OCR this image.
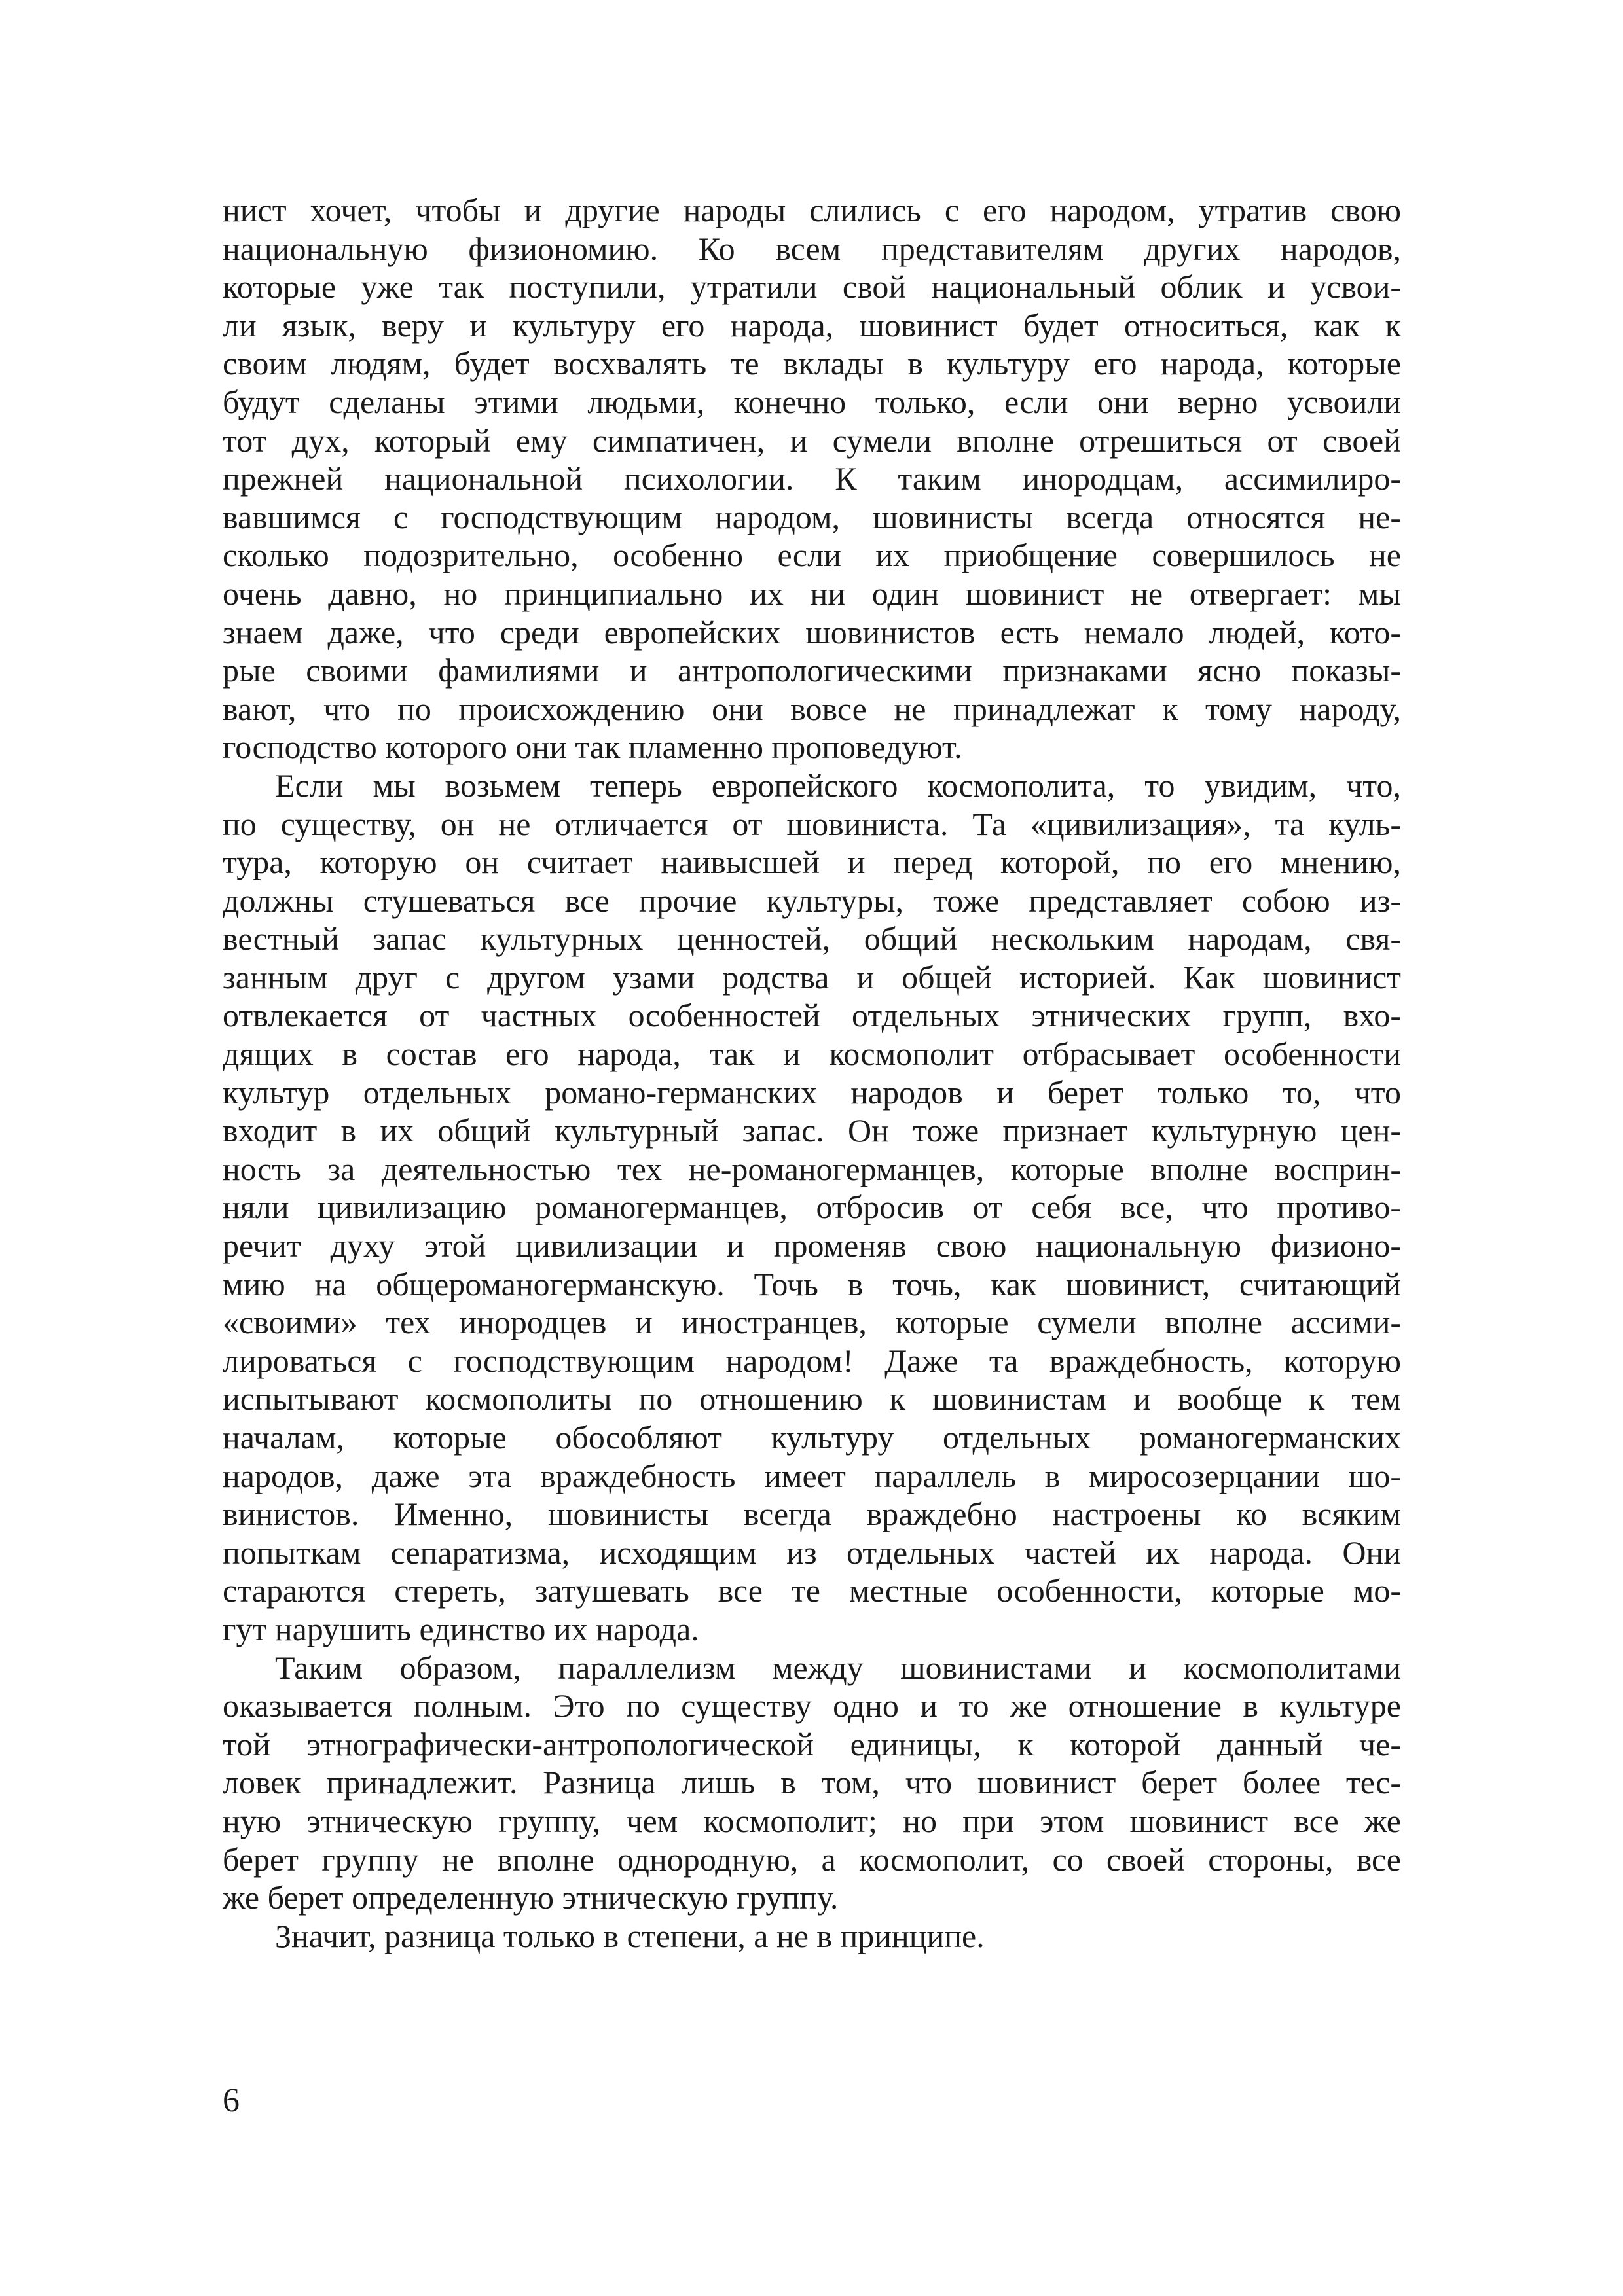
нист хочет, чтобы и другие народы слились с его народом, утратив свою
национальную физиономию. Ко всем представителям других народов,
которые уже так поступили, утратили свой национальный облик и усвои-
ли язык, веру и культуру его народа, шовинист будет относиться, как к
своим людям, будет восхвалять те вклады в культуру его народа, которые
будут сделаны этими людьми, конечно только, если они верно усвоили
тот дух, который ему симпатичен, и сумели вполне отрешиться от своей
прежней национальной психологии. К таким инородцам, ассимилиро-
вавшимся с господствующим народом, шовинисты всегда относятся не-
сколько подозрительно, особенно если их приобщение совершилось не
очень давно, но принципиально их ни один шовинист не отвергает: мы
знаем даже, что среди европейских шовинистов есть немало людей, кото-
рые своими фамилиями и антропологическими признаками ясно показы-
вают, что по происхождению они вовсе не принадлежат к тому народу,
господство которого они так пламенно проповедуют.
Если мы возьмем теперь европейского космополита, то увидим, что,
по существу, он не отличается от шовиниста. Та «цивилизация», та куль-
тура, которую он считает наивысшей и перед которой, по его мнению,
должны стушеваться все прочие культуры, тоже представляет собою из-
вестный запас культурных ценностей, общий нескольким народам, свя-
занным друг с другом узами родства и общей историей. Как шовинист
отвлекается от частных особенностей отдельных этнических групп, вхо-
дящих в состав его народа, так и космополит отбрасывает особенности
культур отдельных романо-германских народов и берет только то, что
входит в их общий культурный запас. Он тоже признает культурную цен-
ность за деятельностью тех не-романогерманцев, которые вполне восприн-
няли цивилизацию романогерманцев, отбросив от себя все, что противо-
речит духу этой цивилизации и променяв свою национальную физионо-
мию на общероманогерманскую. Точь в точь, как шовинист, считающий
«своими» тех инородцев и иностранцев, которые сумели вполне ассими-
лироваться с господствующим народом! Даже та враждебность, которую
испытывают космополиты по отношению к шовинистам и вообще к тем
началам, которые обособляют культуру отдельных романогерманских
народов, даже эта враждебность имеет параллель в миросозерцании шо-
винистов. Именно, шовинисты всегда враждебно настроены ко всяким
попыткам сепаратизма, исходящим из отдельных частей их народа. Они
стараются стереть, затушевать все те местные особенности, которые мо-
гут нарушить единство их народа.
Таким образом, параллелизм между шовинистами и космополитами
оказывается полным. Это по существу одно и то же отношение в культуре
той этнографически-антропологической единицы, к которой данный че-
ловек принадлежит. Разница лишь в том, что шовинист берет более тес-
ную этническую группу, чем космополит; но при этом шовинист все же
берет группу не вполне однородную, а космополит, со своей стороны, все
же берет определенную этническую группу.
Значит, разница только в степени, а не в принципе.
6
